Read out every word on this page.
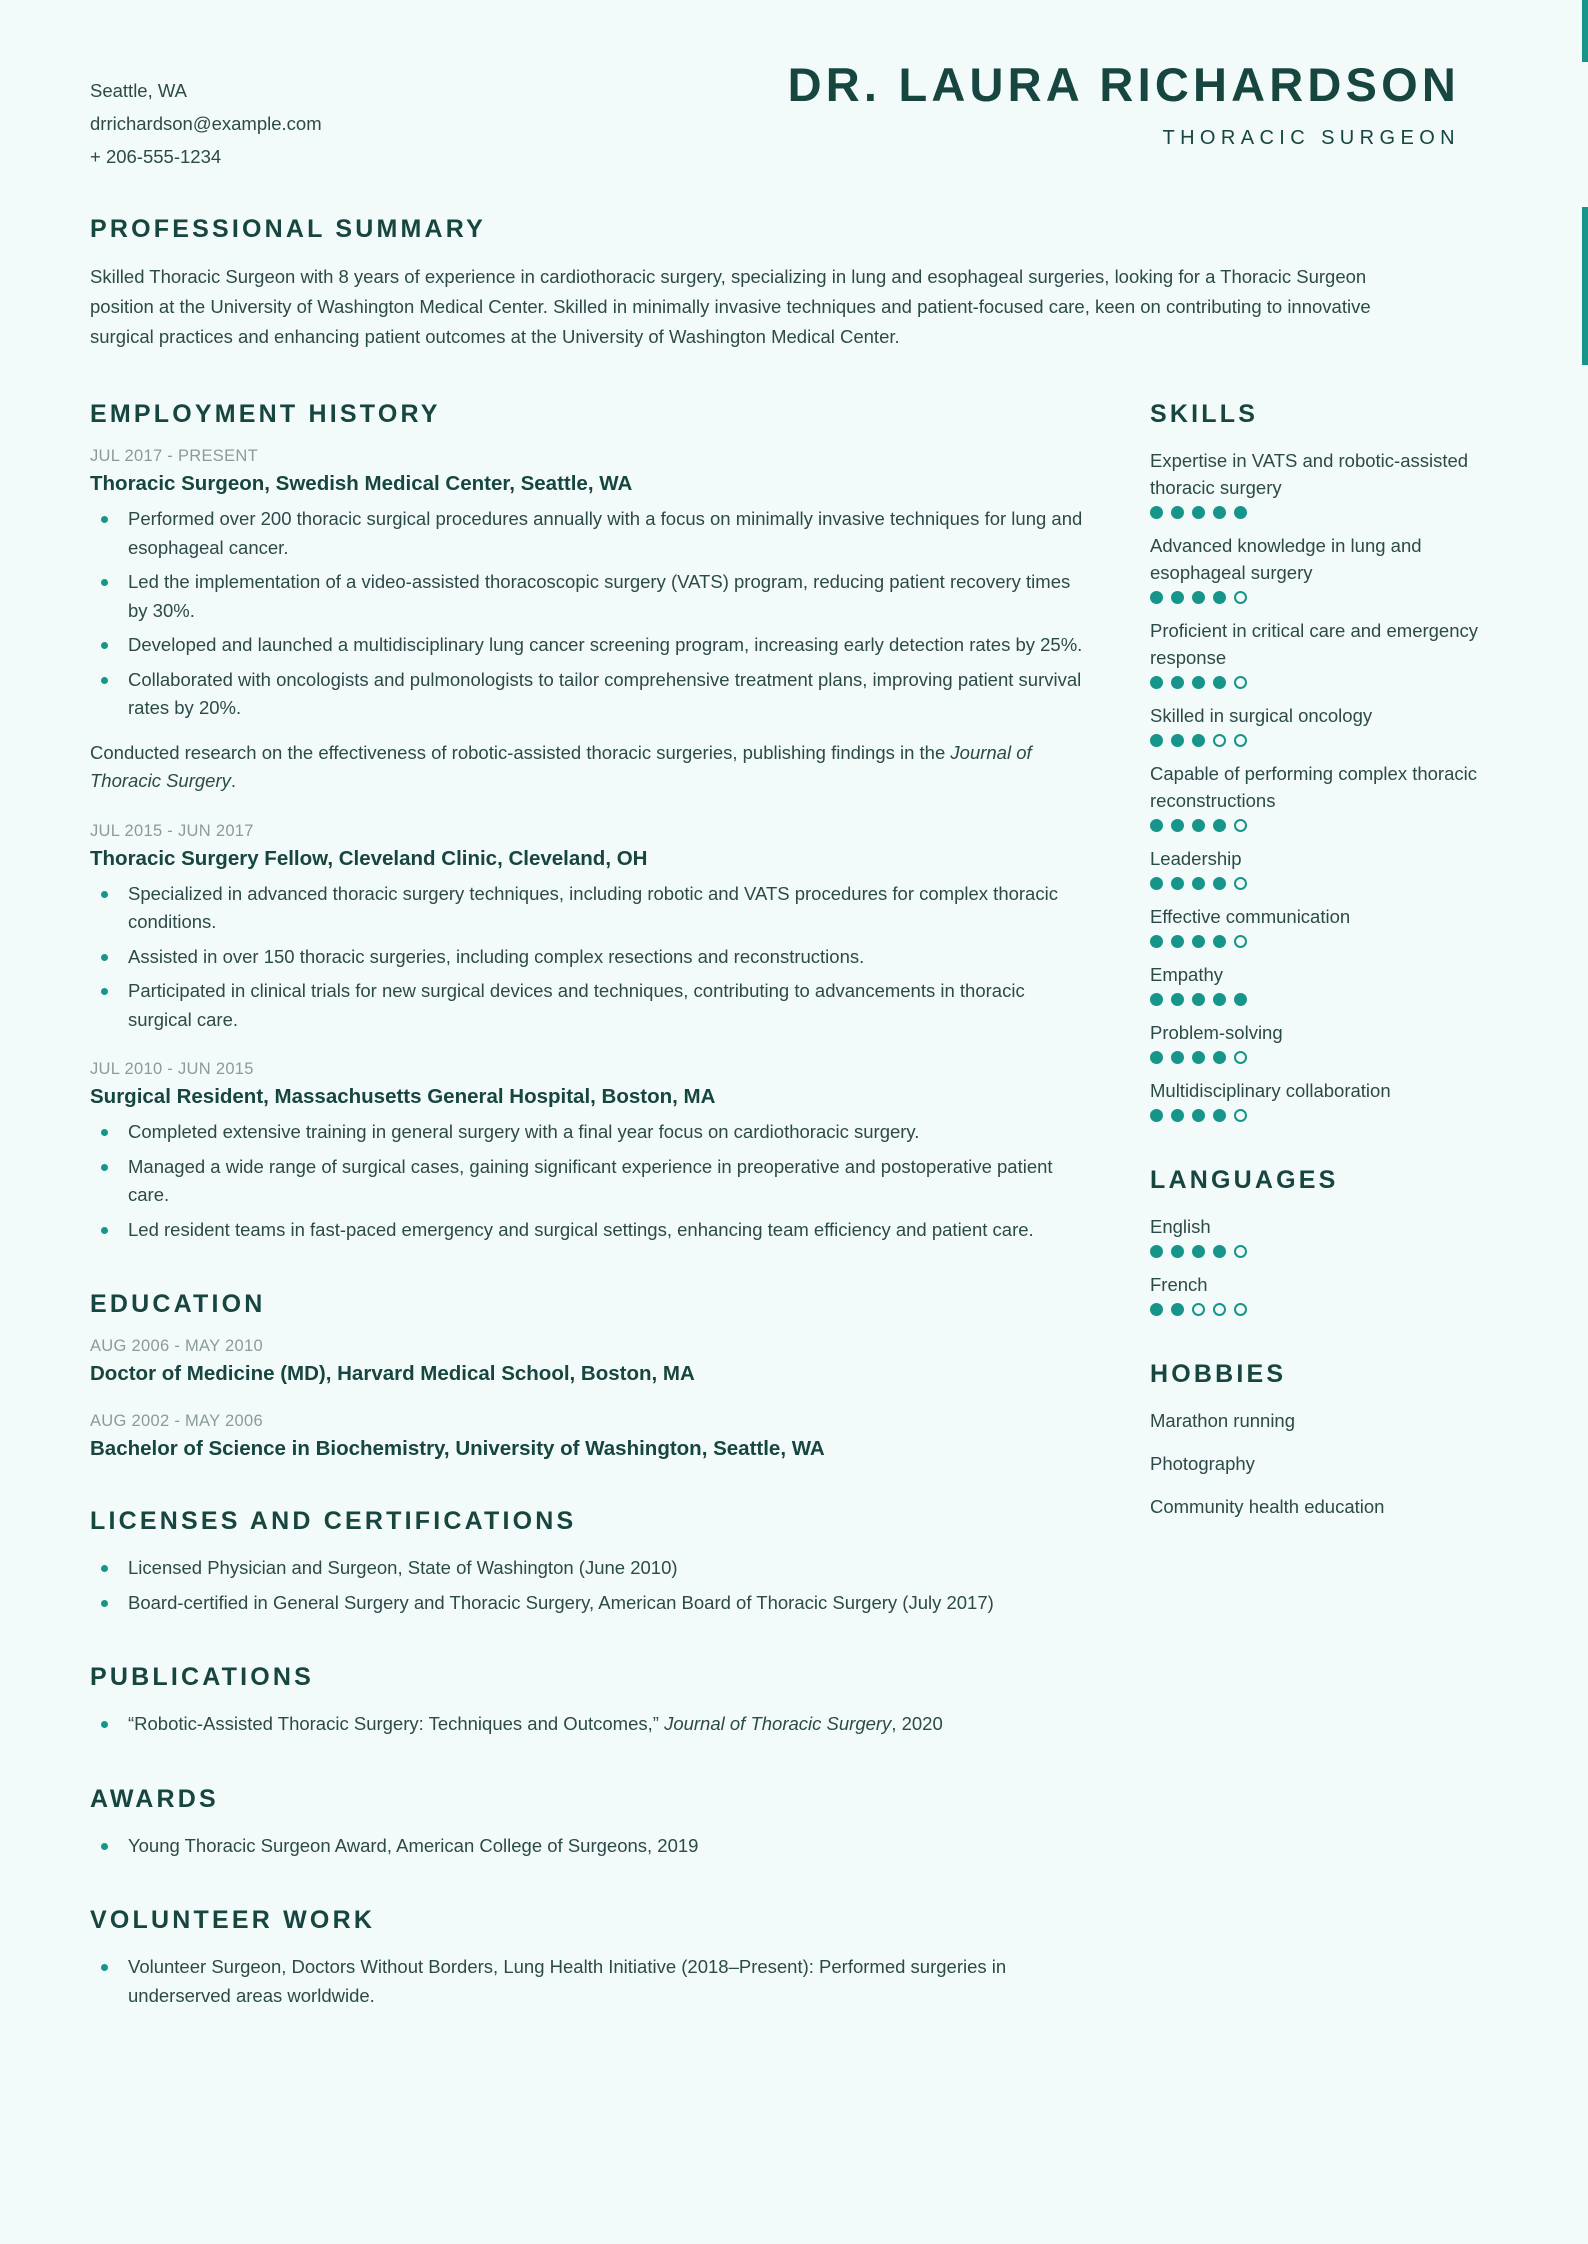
Seattle, WA
drrichardson@example.com
+ 206-555-1234
DR. LAURA RICHARDSON
THORACIC SURGEON
PROFESSIONAL SUMMARY

Skilled Thoracic Surgeon with 8 years of experience in cardiothoracic surgery, specializing in lung and esophageal surgeries, looking for a Thoracic Surgeon position at the University of Washington Medical Center. Skilled in minimally invasive techniques and patient-focused care, keen on contributing to innovative surgical practices and enhancing patient outcomes at the University of Washington Medical Center.

EMPLOYMENT HISTORY
JUL 2017 - PRESENT
Thoracic Surgeon, Swedish Medical Center, Seattle, WA
Performed over 200 thoracic surgical procedures annually with a focus on minimally invasive techniques for lung and esophageal cancer.
Led the implementation of a video-assisted thoracoscopic surgery (VATS) program, reducing patient recovery times by 30%.
Developed and launched a multidisciplinary lung cancer screening program, increasing early detection rates by 25%.
Collaborated with oncologists and pulmonologists to tailor comprehensive treatment plans, improving patient survival rates by 20%.

Conducted research on the effectiveness of robotic-assisted thoracic surgeries, publishing findings in the Journal of Thoracic Surgery.

JUL 2015 - JUN 2017
Thoracic Surgery Fellow, Cleveland Clinic, Cleveland, OH
Specialized in advanced thoracic surgery techniques, including robotic and VATS procedures for complex thoracic conditions.
Assisted in over 150 thoracic surgeries, including complex resections and reconstructions.
Participated in clinical trials for new surgical devices and techniques, contributing to advancements in thoracic surgical care.
JUL 2010 - JUN 2015
Surgical Resident, Massachusetts General Hospital, Boston, MA
Completed extensive training in general surgery with a final year focus on cardiothoracic surgery.
Managed a wide range of surgical cases, gaining significant experience in preoperative and postoperative patient care.
Led resident teams in fast-paced emergency and surgical settings, enhancing team efficiency and patient care.
EDUCATION
AUG 2006 - MAY 2010
Doctor of Medicine (MD), Harvard Medical School, Boston, MA
AUG 2002 - MAY 2006
Bachelor of Science in Biochemistry, University of Washington, Seattle, WA
LICENSES AND CERTIFICATIONS
Licensed Physician and Surgeon, State of Washington (June 2010)
Board-certified in General Surgery and Thoracic Surgery, American Board of Thoracic Surgery (July 2017)
PUBLICATIONS
“Robotic-Assisted Thoracic Surgery: Techniques and Outcomes,” Journal of Thoracic Surgery, 2020
AWARDS
Young Thoracic Surgeon Award, American College of Surgeons, 2019
VOLUNTEER WORK
Volunteer Surgeon, Doctors Without Borders, Lung Health Initiative (2018–Present): Performed surgeries in underserved areas worldwide.
SKILLS
Expertise in VATS and robotic-assisted thoracic surgery
Advanced knowledge in lung and esophageal surgery
Proficient in critical care and emergency response
Skilled in surgical oncology
Capable of performing complex thoracic reconstructions
Leadership
Effective communication
Empathy
Problem-solving
Multidisciplinary collaboration
LANGUAGES
English
French
HOBBIES
Marathon running
Photography
Community health education
